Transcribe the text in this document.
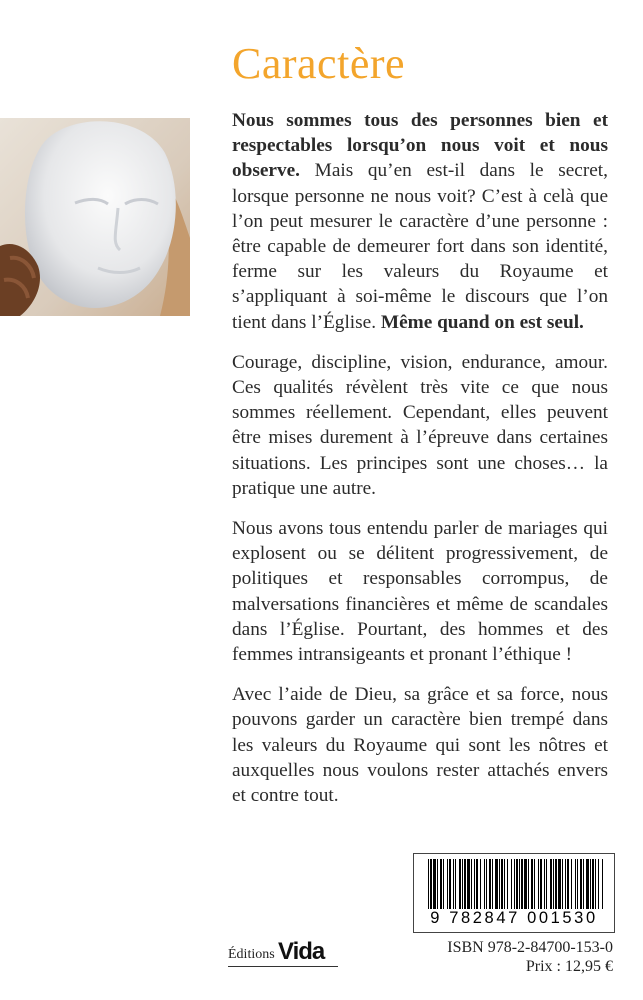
Caractère

Nous sommes tous des personnes bien et respectables lorsqu’on nous voit et nous observe. Mais qu’en est-il dans le secret, lorsque personne ne nous voit? C’est à celà que l’on peut mesurer le caractère d’une personne : être capable de demeurer fort dans son identité, ferme sur les valeurs du Royaume et s’appliquant à soi-même le discours que l’on tient dans l’Église. Même quand on est seul.

Courage, discipline, vision, endurance, amour. Ces qualités révèlent très vite ce que nous sommes réellement. Cependant, elles peuvent être mises durement à l’épreuve dans certaines situations. Les principes sont une choses… la pratique une autre.

Nous avons tous entendu parler de mariages qui explosent ou se délitent progressivement, de politiques et responsables corrompus, de malversations financières et même de scandales dans l’Église. Pourtant, des hommes et des femmes intransigeants et pronant l’éthique !

Avec l’aide de Dieu, sa grâce et sa force, nous pouvons garder un caractère bien trempé dans les valeurs du Royaume qui sont les nôtres et auxquelles nous voulons rester attachés envers et contre tout.

Éditions Vida
9 782847 001530
ISBN 978-2-84700-153-0
Prix : 12,95 €
